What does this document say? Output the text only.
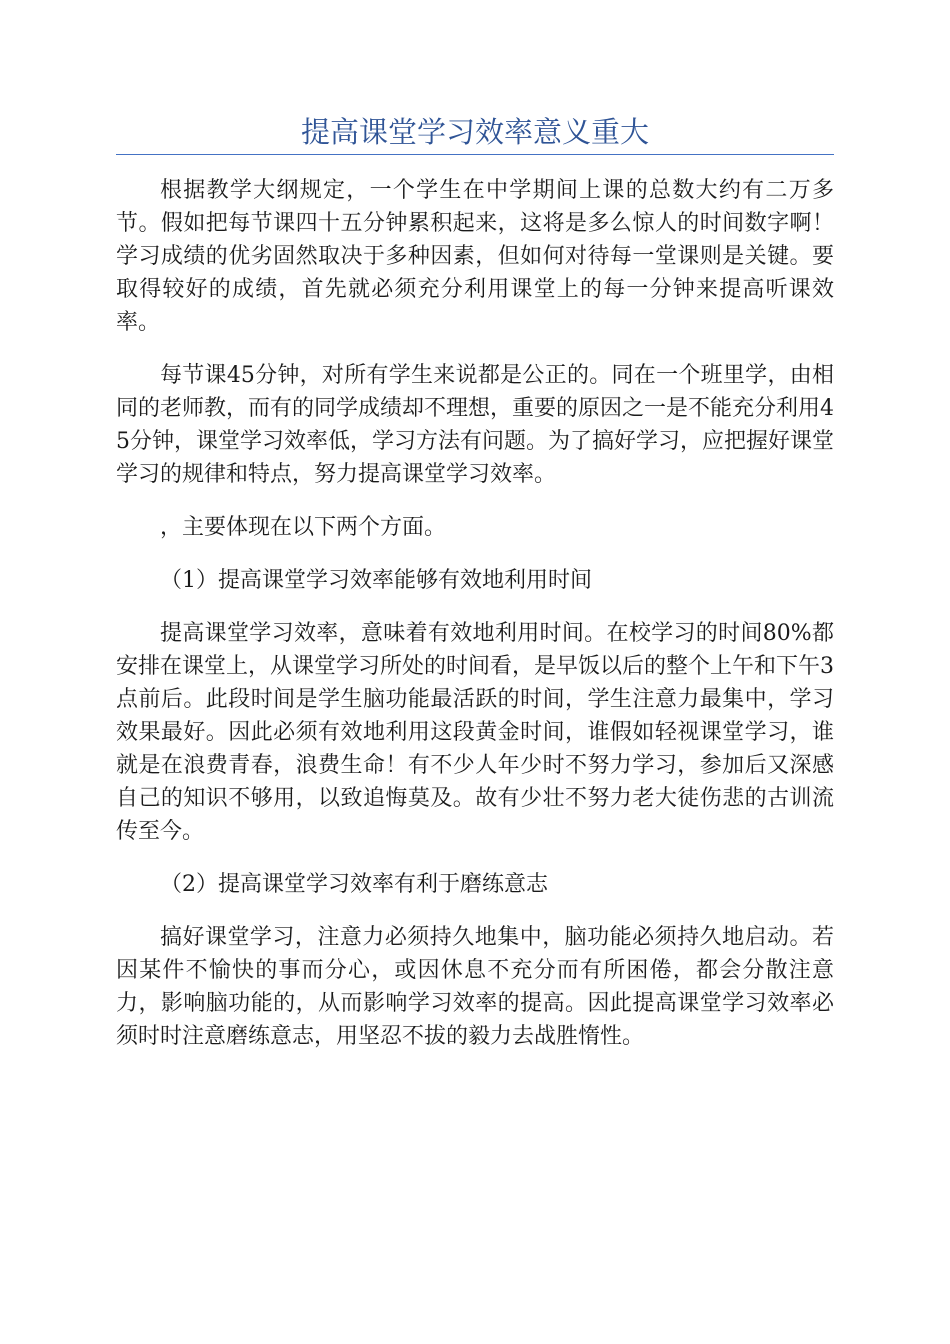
提高课堂学习效率意义重大

根据教学大纲规定，一个学生在中学期间上课的总数大约有二万多节。假如把每节课四十五分钟累积起来，这将是多么惊人的时间数字啊！学习成绩的优劣固然取决于多种因素，但如何对待每一堂课则是关键。要取得较好的成绩，首先就必须充分利用课堂上的每一分钟来提高听课效率。

每节课45分钟，对所有学生来说都是公正的。同在一个班里学，由相同的老师教，而有的同学成绩却不理想，重要的原因之一是不能充分利用45分钟，课堂学习效率低，学习方法有问题。为了搞好学习，应把握好课堂学习的规律和特点，努力提高课堂学习效率。

，主要体现在以下两个方面。

（1）提高课堂学习效率能够有效地利用时间

提高课堂学习效率，意味着有效地利用时间。在校学习的时间80%都安排在课堂上，从课堂学习所处的时间看，是早饭以后的整个上午和下午3点前后。此段时间是学生脑功能最活跃的时间，学生注意力最集中，学习效果最好。因此必须有效地利用这段黄金时间，谁假如轻视课堂学习，谁就是在浪费青春，浪费生命！有不少人年少时不努力学习，参加后又深感自己的知识不够用，以致追悔莫及。故有少壮不努力老大徒伤悲的古训流传至今。

（2）提高课堂学习效率有利于磨练意志

搞好课堂学习，注意力必须持久地集中，脑功能必须持久地启动。若因某件不愉快的事而分心，或因休息不充分而有所困倦，都会分散注意力，影响脑功能的，从而影响学习效率的提高。因此提高课堂学习效率必须时时注意磨练意志，用坚忍不拔的毅力去战胜惰性。
